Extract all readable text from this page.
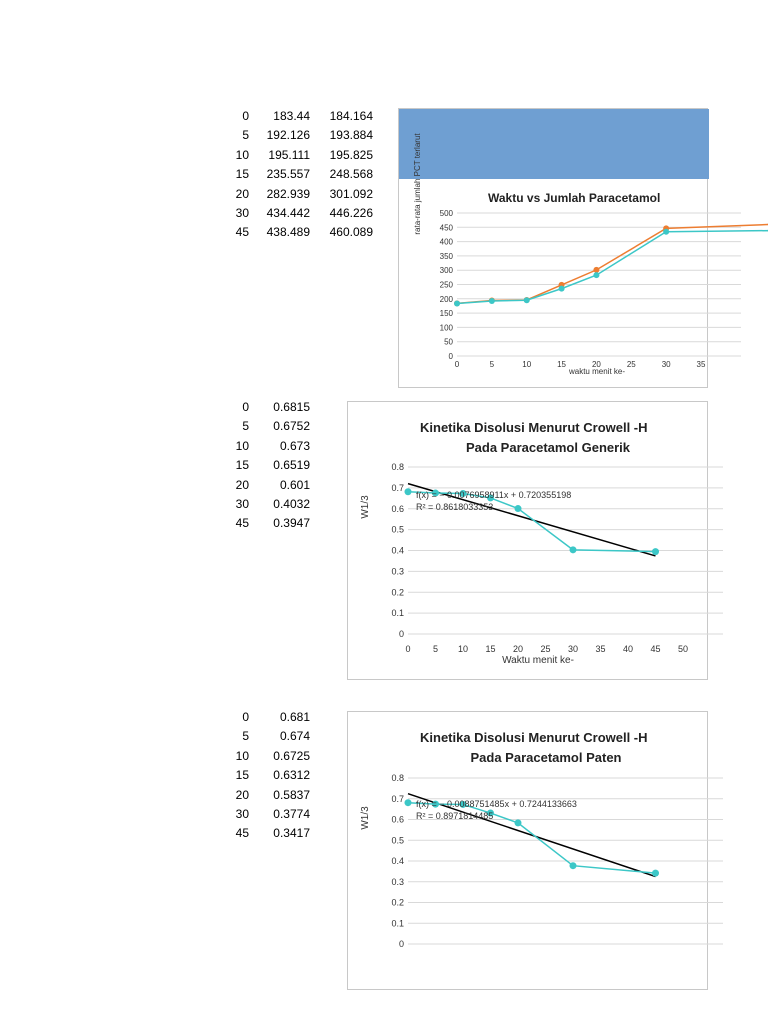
0	183.44	184.164
5	192.126	193.884
10	195.111	195.825
15	235.557	248.568
20	282.939	301.092
30	434.442	446.226
45	438.489	460.089
0	0.6815
5	0.6752
10	0.673
15	0.6519
20	0.601
30	0.4032
45	0.3947
0	0.681
5	0.674
10	0.6725
15	0.6312
20	0.5837
30	0.3774
45	0.3417
Waktu vs Jumlah Paracetamol
0
50
100
150
200
250
300
350
400
450
500
0	5	10	15	20	25	30	35
waktu menit ke-
rata-rata jumlah PCT terlarut
Kinetika Disolusi Menurut Crowell -H
Pada Paracetamol Generik
0
0.1
0.2
0.3
0.4
0.5
0.6
0.7
0.8
0 5 10 15 20 25 30 35 40 45 50
Waktu menit ke-
W1/3
f(x) = − 0.0076958911x + 0.720355198
R² = 0.8618033353
Kinetika Disolusi Menurut Crowell -H
Pada Paracetamol Paten
0
0.1
0.2
0.3
0.4
0.5
0.6
0.7
0.8
W1/3
f(x) = − 0.0088751485x + 0.7244133663
R² = 0.8971814485
